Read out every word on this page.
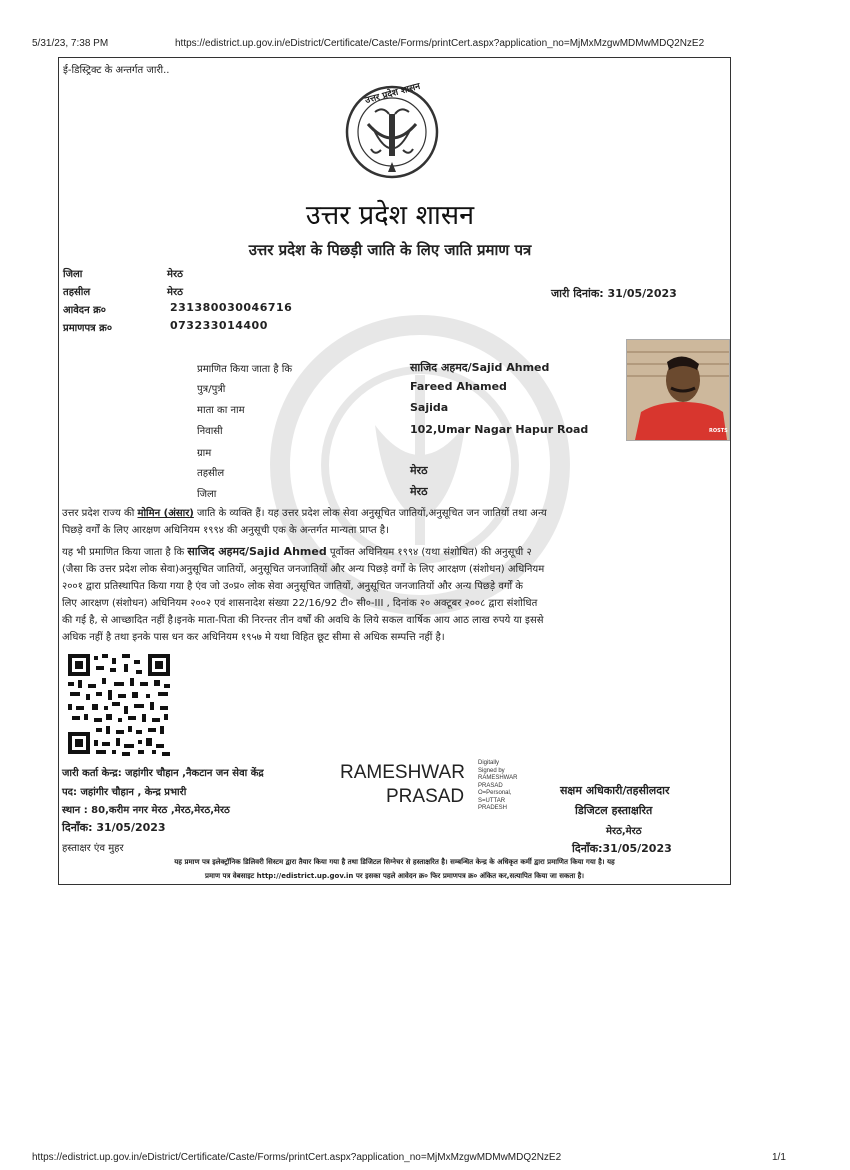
5/31/23, 7:38 PM	https://edistrict.up.gov.in/eDistrict/Certificate/Caste/Forms/printCert.aspx?application_no=MjMxMzgwMDMwMDQ2NzE2
ई-डिस्ट्रिक्ट के अन्तर्गत जारी..
उत्तर प्रदेश शासन
उत्तर प्रदेश शासन
उत्तर प्रदेश के पिछड़ी जाति के लिए जाति प्रमाण पत्र
जिला	मेरठ
तहसील	मेरठ
आवेदन क्र०	231380030046716
प्रमाणपत्र क्र०	073233014400
जारी दिनांक: 31/05/2023
प्रमाणित किया जाता है कि	साजिद अहमद/Sajid Ahmed
पुत्र/पुत्री	Fareed Ahamed
माता का नाम	Sajida
निवासी	102,Umar Nagar Hapur Road
ग्राम
तहसील	मेरठ
जिला	मेरठ
ROSTS
उत्तर प्रदेश राज्य की मोमिन (अंसार) जाति के व्यक्ति हैं। यह उत्तर प्रदेश लोक सेवा अनुसूचित जातियों,अनुसूचित जन जातियों तथा अन्य
पिछड़े वर्गों के लिए आरक्षण अधिनियम १९९४ की अनुसूची एक के अन्तर्गत मान्यता प्राप्त है।
यह भी प्रमाणित किया जाता है कि साजिद अहमद/Sajid Ahmed पूर्वोक्त अधिनियम १९९४ (यथा संशोधित) की अनुसूची २
(जैसा कि उत्तर प्रदेश लोक सेवा)अनुसूचित जातियों, अनुसूचित जनजातियों और अन्य पिछड़े वर्गों के लिए आरक्षण (संशोधन) अधिनियम
२००१ द्वारा प्रतिस्थापित किया गया है एंव जो उ०प्र० लोक सेवा अनुसूचित जातियों, अनुसूचित जनजातियों और अन्य पिछड़े वर्गों के
लिए आरक्षण (संशोधन) अधिनियम २००२ एवं शासनादेश संख्या 22/16/92 टी० सी०-III , दिनांक २० अक्टूबर २००८ द्वारा संशोधित
की गई है, से आच्छादित नहीं है।इनके माता-पिता की निरन्तर तीन वर्षों की अवधि के लिये सकल वार्षिक आय आठ लाख रुपये या इससे
अधिक नहीं है तथा इनके पास धन कर अधिनियम १९५७ मे यथा विहित छूट सीमा से अधिक सम्पत्ति नहीं है।
जारी कर्ता केन्द्र: जहांगीर चौहान ,नैकटान जन सेवा केंद्र
पद: जहांगीर चौहान , केन्द्र प्रभारी
स्थान : 80,करीम नगर मेरठ ,मेरठ,मेरठ,मेरठ
दिनाँक: 31/05/2023
हस्ताक्षर एंव मुहर
RAMESHWAR
PRASAD
Digitally
Signed by
RAMESHWAR
PRASAD
O=Personal,
S=UTTAR
PRADESH
सक्षम अधिकारी/तहसीलदार
डिजिटल हस्ताक्षरित
मेरठ,मेरठ
दिनाँक:31/05/2023
यह प्रमाण पत्र इलेक्ट्रॉनिक डिलिवरी सिस्टम द्वारा तैयार किया गया है तथा डिजिटल सिग्नेचर से हस्ताक्षरित है। सम्बन्धित केन्द्र के अधिकृत कर्मी द्वारा प्रमाणित किया गया है। यह
प्रमाण पत्र वेबसाइट http://edistrict.up.gov.in पर इसका पहले आवेदन क्र० फिर प्रमाणपत्र क्र० अंकित कर,सत्यापित किया जा सकता है।
https://edistrict.up.gov.in/eDistrict/Certificate/Caste/Forms/printCert.aspx?application_no=MjMxMzgwMDMwMDQ2NzE2	1/1
